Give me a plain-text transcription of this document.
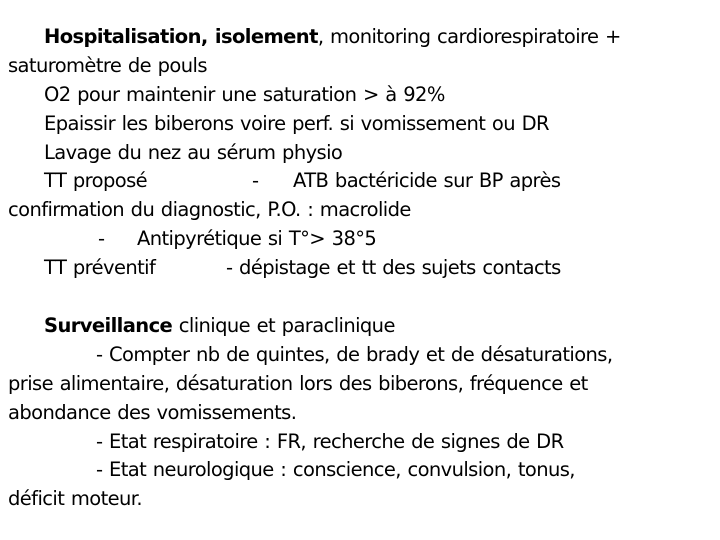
Hospitalisation, isolement, monitoring cardiorespiratoire +
saturomètre de pouls
O2 pour maintenir une saturation > à 92%
Epaissir les biberons voire perf. si vomissement ou DR
Lavage du nez au sérum physio
TT proposé	- ATB bactéricide sur BP après
confirmation du diagnostic, P.O. : macrolide
- Antipyrétique si T°> 38°5
TT préventif	- dépistage et tt des sujets contacts
Surveillance clinique et paraclinique
- Compter nb de quintes, de brady et de désaturations,
prise alimentaire, désaturation lors des biberons, fréquence et
abondance des vomissements.
- Etat respiratoire : FR, recherche de signes de DR
- Etat neurologique : conscience, convulsion, tonus,
déficit moteur.
